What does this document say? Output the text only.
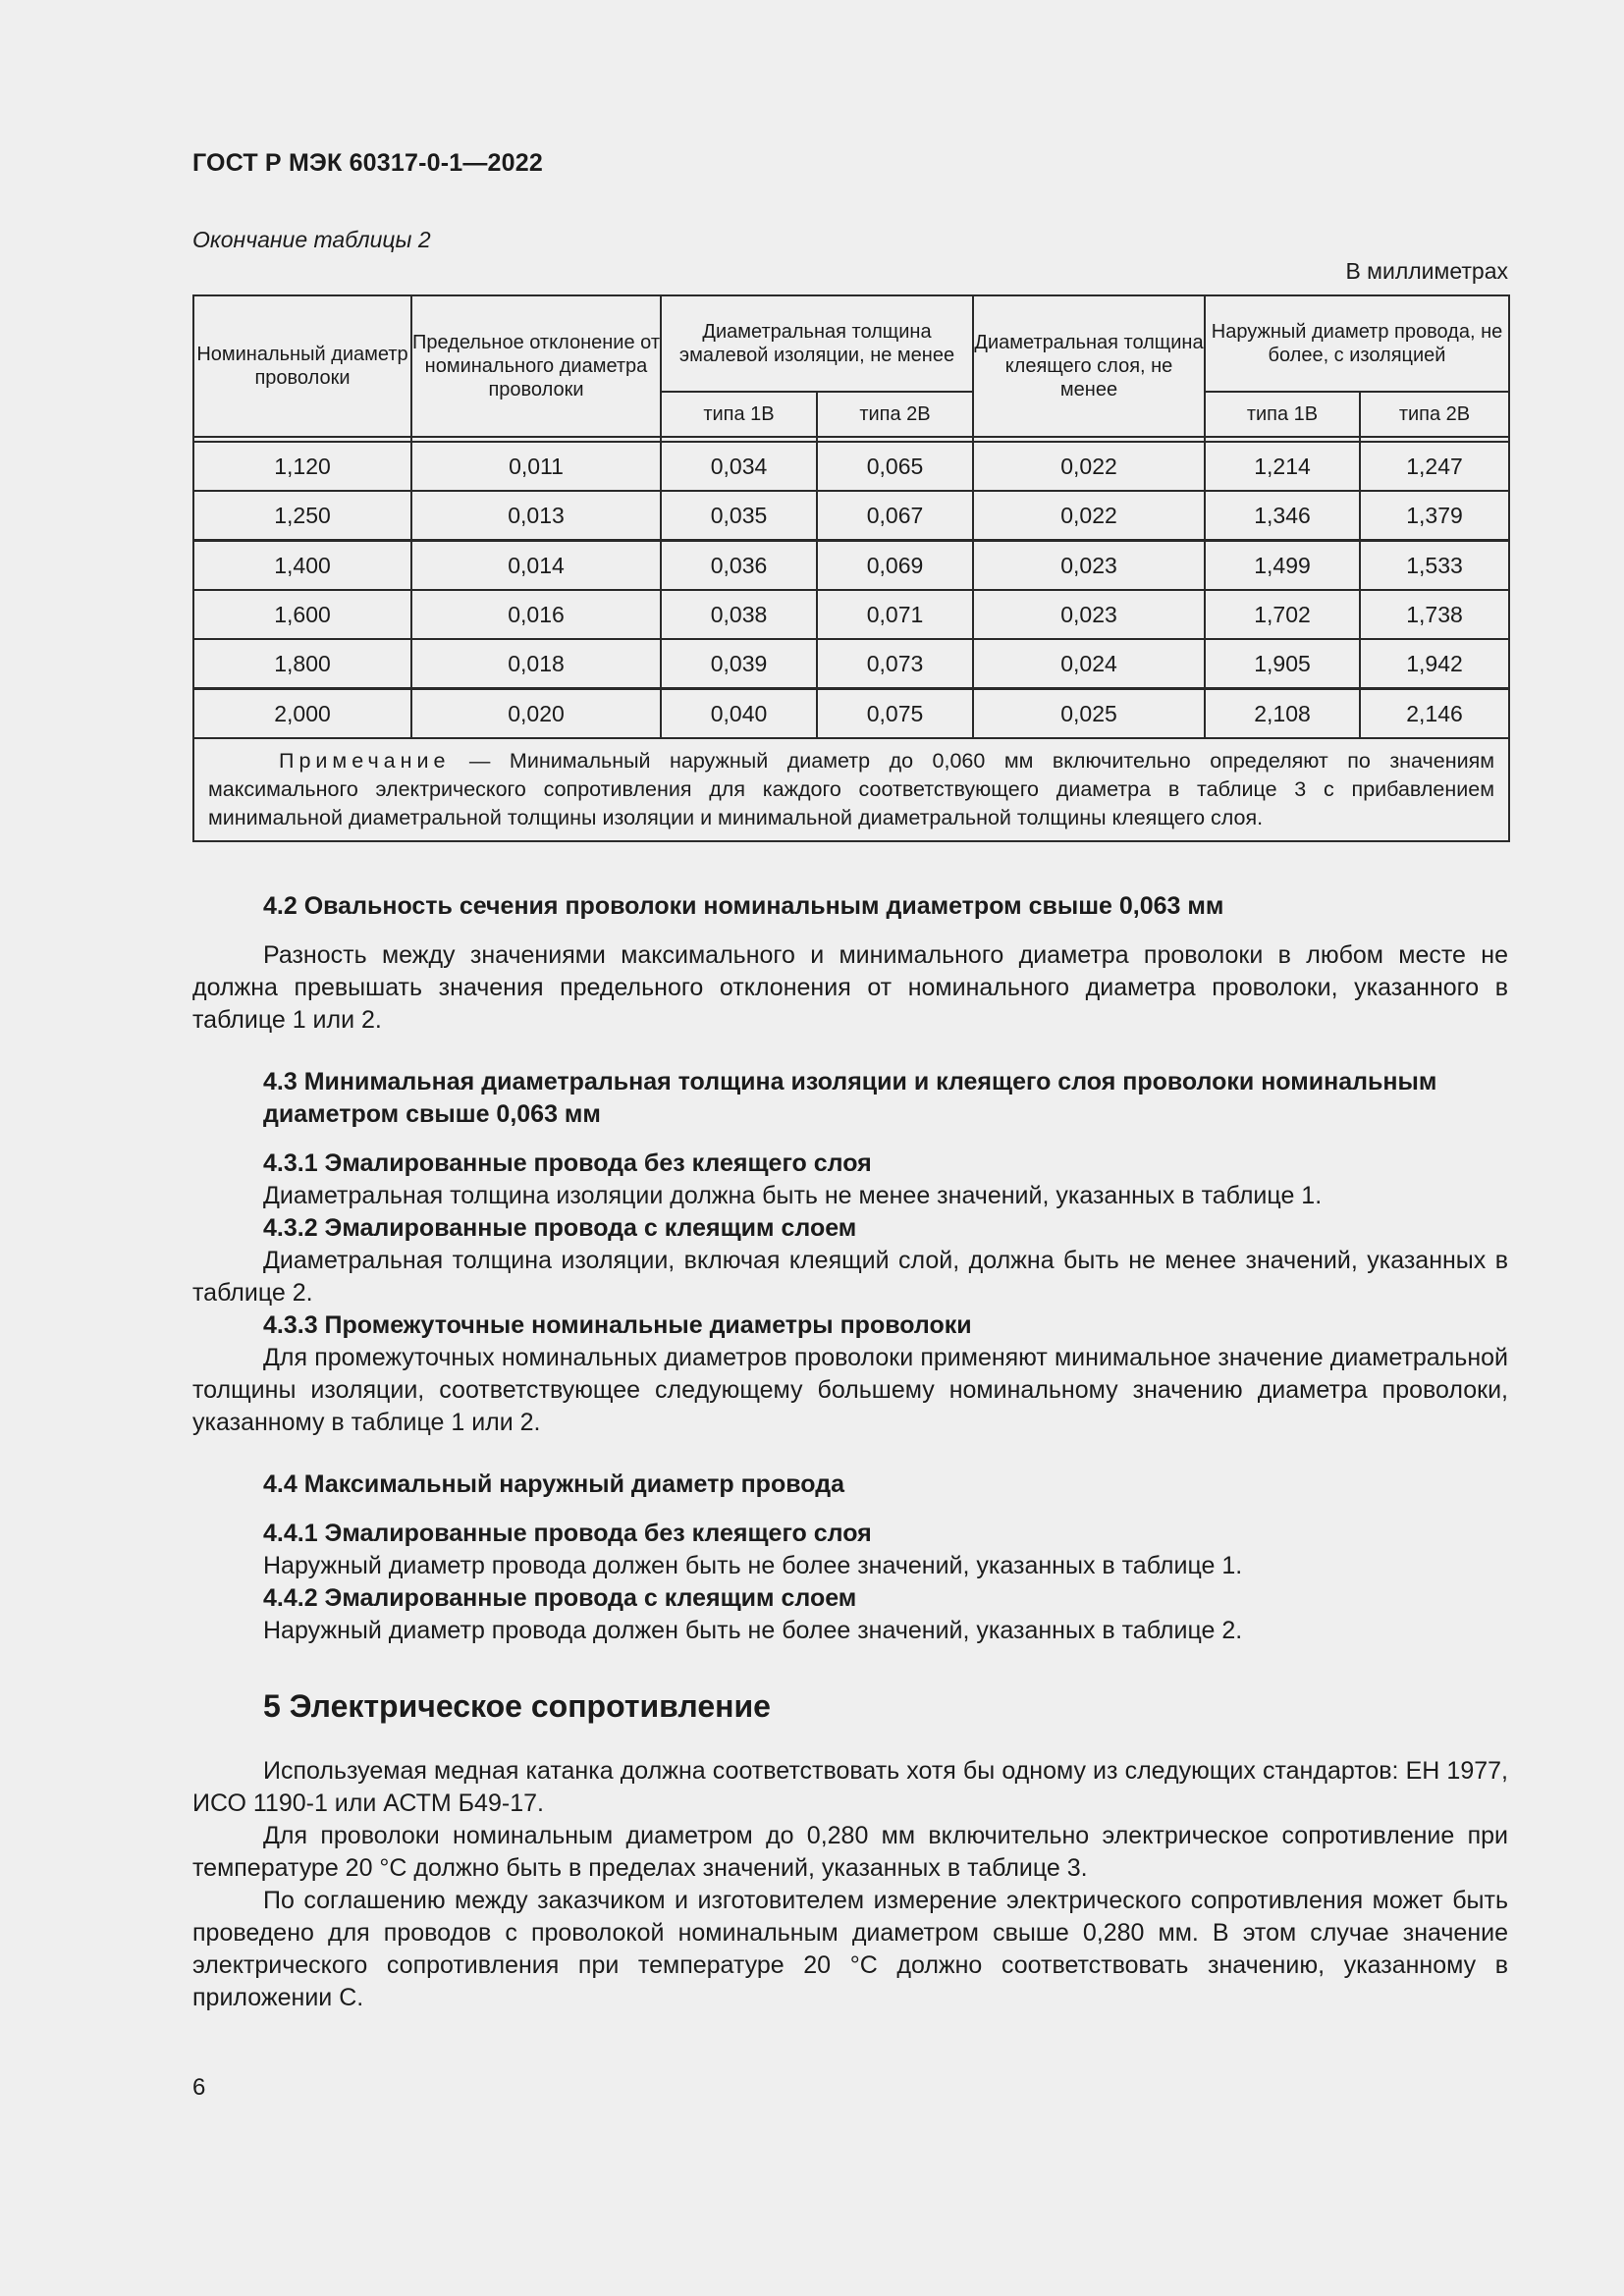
ГОСТ Р МЭК 60317-0-1—2022
Окончание таблицы 2
В миллиметрах
Номинальный диаметр проволоки	Предельное отклонение от номинального диаметра проволоки	Диаметральная толщина эмалевой изоляции, не менее		Диаметральная толщина клеящего слоя, не менее	Наружный диаметр провода, не более, с изоляцией	
		типа 1В	типа 2В		типа 1В	типа 2В

1,120	0,011	0,034	0,065	0,022	1,214	1,247
1,250	0,013	0,035	0,067	0,022	1,346	1,379
1,400	0,014	0,036	0,069	0,023	1,499	1,533
1,600	0,016	0,038	0,071	0,023	1,702	1,738
1,800	0,018	0,039	0,073	0,024	1,905	1,942
2,000	0,020	0,040	0,075	0,025	2,108	2,146
Примечание — Минимальный наружный диаметр до 0,060 мм включительно определяют по значениям максимального электрического сопротивления для каждого соответствующего диаметра в таблице 3 с прибавлением минимальной диаметральной толщины изоляции и минимальной диаметральной толщины клеящего слоя.						
4.2 Овальность сечения проволоки номинальным диаметром свыше 0,063 мм

Разность между значениями максимального и минимального диаметра проволоки в любом месте не должна превышать значения предельного отклонения от номинального диаметра проволоки, указанного в таблице 1 или 2.

4.3 Минимальная диаметральная толщина изоляции и клеящего слоя проволоки номинальным диаметром свыше 0,063 мм
4.3.1 Эмалированные провода без клеящего слоя

Диаметральная толщина изоляции должна быть не менее значений, указанных в таблице 1.

4.3.2 Эмалированные провода с клеящим слоем

Диаметральная толщина изоляции, включая клеящий слой, должна быть не менее значений, указанных в таблице 2.

4.3.3 Промежуточные номинальные диаметры проволоки

Для промежуточных номинальных диаметров проволоки применяют минимальное значение диаметральной толщины изоляции, соответствующее следующему большему номинальному значению диаметра проволоки, указанному в таблице 1 или 2.

4.4 Максимальный наружный диаметр провода
4.4.1 Эмалированные провода без клеящего слоя

Наружный диаметр провода должен быть не более значений, указанных в таблице 1.

4.4.2 Эмалированные провода с клеящим слоем

Наружный диаметр провода должен быть не более значений, указанных в таблице 2.

5 Электрическое сопротивление

Используемая медная катанка должна соответствовать хотя бы одному из следующих стандартов: ЕН 1977, ИСО 1190-1 или АСТМ Б49-17.

Для проволоки номинальным диаметром до 0,280 мм включительно электрическое сопротивление при температуре 20 °С должно быть в пределах значений, указанных в таблице 3.

По соглашению между заказчиком и изготовителем измерение электрического сопротивления может быть проведено для проводов с проволокой номинальным диаметром свыше 0,280 мм. В этом случае значение электрического сопротивления при температуре 20 °С должно соответствовать значению, указанному в приложении С.

6
